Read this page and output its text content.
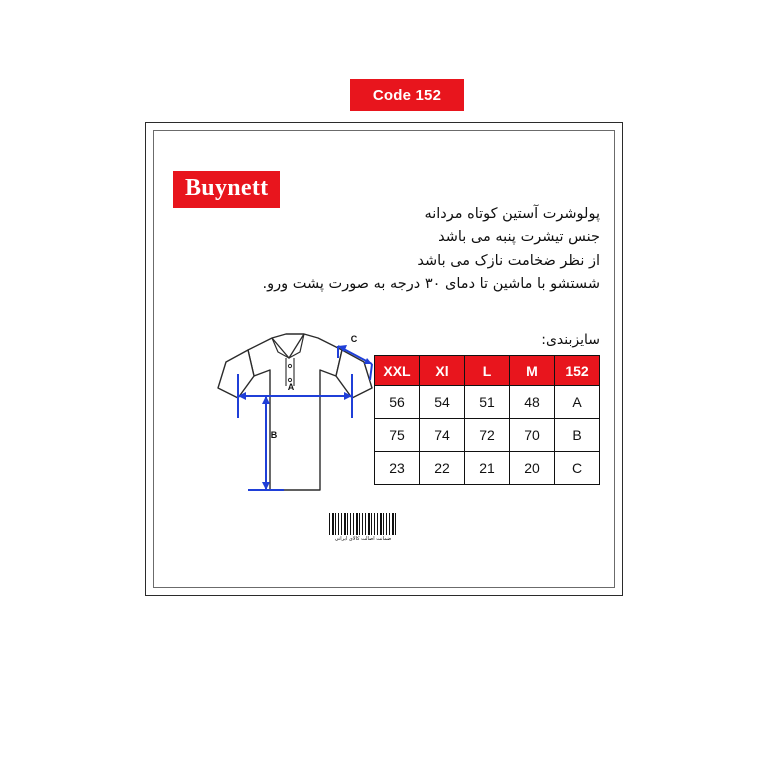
Code 152
Buynett
پولوشرت آستین کوتاه مردانه
جنس تیشرت پنبه می باشد
از نظر ضخامت نازک می باشد
شستشو با ماشین تا دمای ۳۰ درجه به صورت پشت ورو.
سایزبندی:
XXL	Xl	L	M	152
56	54	51	48	A
75	74	72	70	B
23	22	21	20	C
A
B
C
ضمانت اصالت کالای ایرانی
